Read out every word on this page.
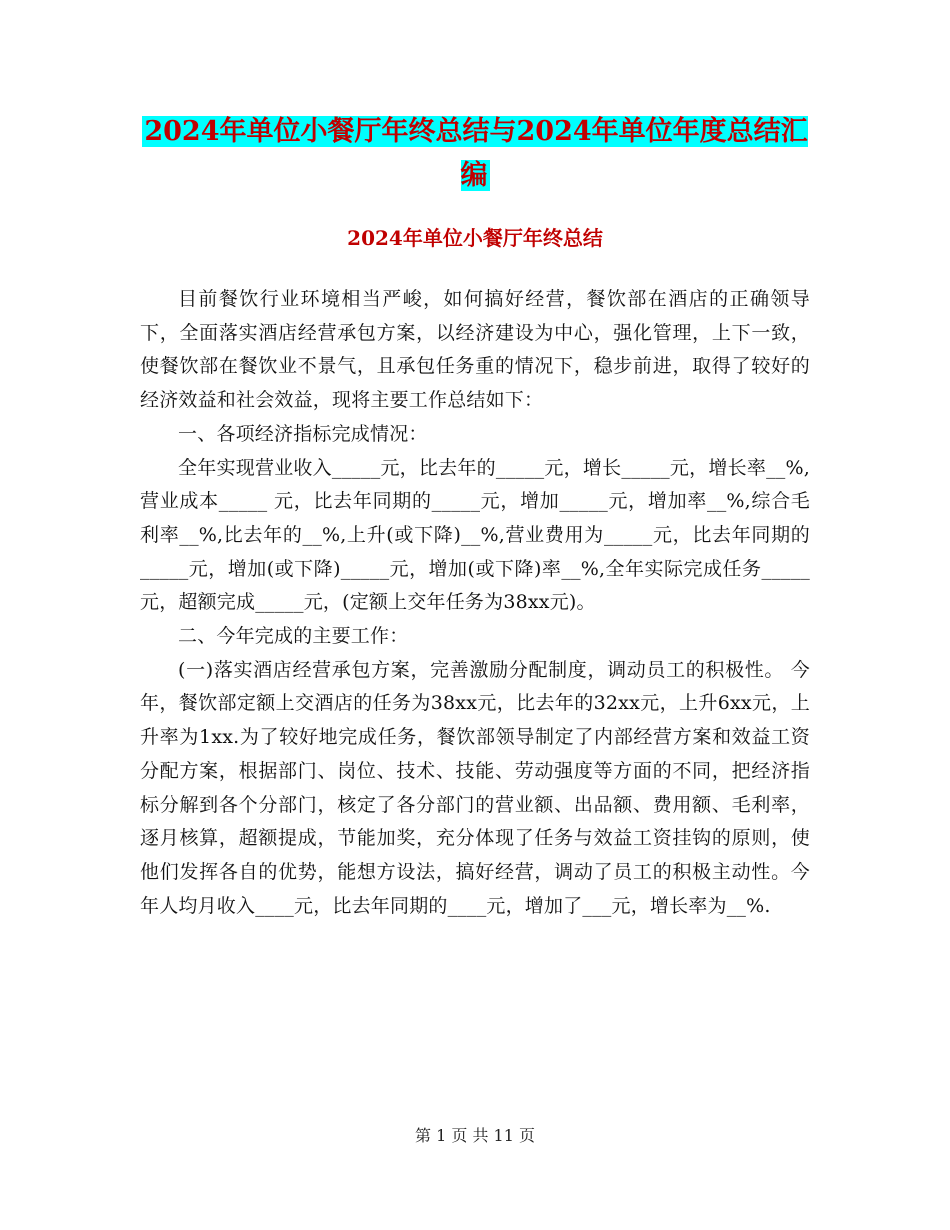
2024年单位小餐厅年终总结与2024年单位年度总结汇编
2024年单位小餐厅年终总结

目前餐饮行业环境相当严峻，如何搞好经营，餐饮部在酒店的正确领导下，全面落实酒店经营承包方案，以经济建设为中心，强化管理，上下一致，使餐饮部在餐饮业不景气，且承包任务重的情况下，稳步前进，取得了较好的经济效益和社会效益，现将主要工作总结如下：

一、各项经济指标完成情况：

全年实现营业收入_____元，比去年的_____元，增长_____元，增长率__%,营业成本_____ 元，比去年同期的_____元，增加_____元，增加率__%,综合毛利率__%,比去年的__%,上升(或下降)__%,营业费用为_____元，比去年同期的_____元，增加(或下降)_____元，增加(或下降)率__%,全年实际完成任务_____元，超额完成_____元，(定额上交年任务为38xx元)。

二、今年完成的主要工作：

(一)落实酒店经营承包方案，完善激励分配制度，调动员工的积极性。 今年，餐饮部定额上交酒店的任务为38xx元，比去年的32xx元，上升6xx元，上升率为1xx.为了较好地完成任务，餐饮部领导制定了内部经营方案和效益工资分配方案，根据部门、岗位、技术、技能、劳动强度等方面的不同，把经济指标分解到各个分部门，核定了各分部门的营业额、出品额、费用额、毛利率，逐月核算，超额提成，节能加奖，充分体现了任务与效益工资挂钩的原则，使他们发挥各自的优势，能想方设法，搞好经营，调动了员工的积极主动性。今年人均月收入____元，比去年同期的____元，增加了___元，增长率为__%.

第 1 页 共 11 页
